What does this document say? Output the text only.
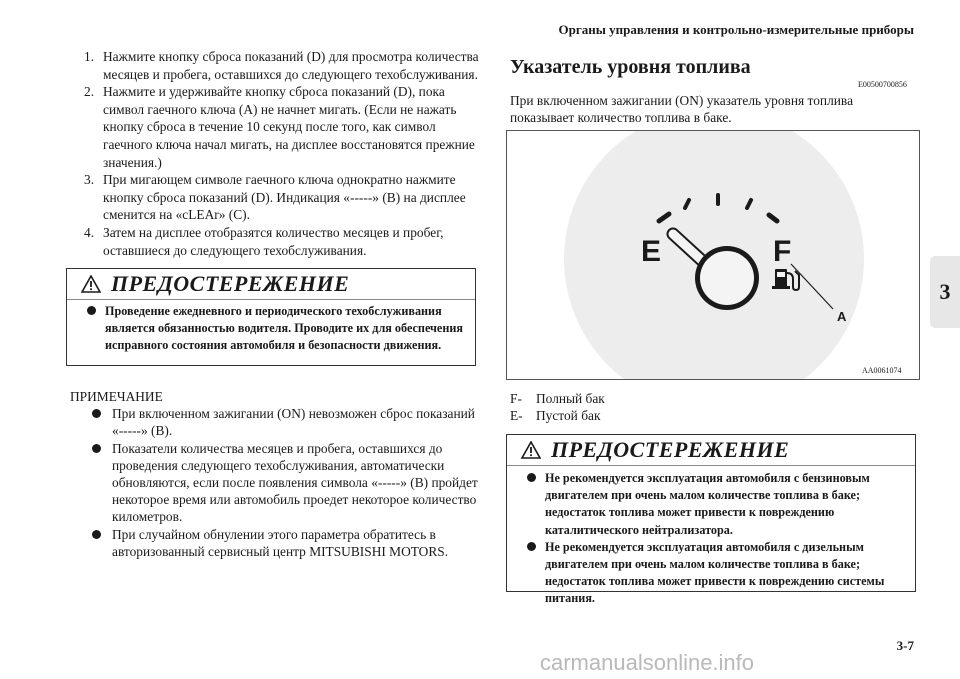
Органы управления и контрольно-измерительные приборы
3
1. Нажмите кнопку сброса показаний (D) для просмотра количества месяцев и пробега, оставшихся до следующего техобслуживания.
2. Нажмите и удерживайте кнопку сброса показаний (D), пока символ гаечного ключа (A) не начнет мигать. (Если не нажать кнопку сброса в течение 10 секунд после того, как символ гаечного ключа начал мигать, на дисплее восстановятся прежние значения.)
3. При мигающем символе гаечного ключа однократно нажмите кнопку сброса показаний (D). Индикация «-----» (B) на дисплее сменится на «cLEAr» (C).
4. Затем на дисплее отобразятся количество месяцев и пробег, оставшиеся до следующего техобслуживания.
ПРЕДОСТЕРЕЖЕНИЕ
Проведение ежедневного и периодического техобслуживания является обязанностью водителя. Проводите их для обеспечения исправного состояния автомобиля и безопасности движения.
ПРИМЕЧАНИЕ
При включенном зажигании (ON) невозможен сброс показаний «-----» (B).
Показатели количества месяцев и пробега, оставшихся до проведения следующего техобслуживания, автоматически обновляются, если после появления символа «-----» (B) пройдет некоторое время или автомобиль проедет некоторое количество километров.
При случайном обнулении этого параметра обратитесь в авторизованный сервисный центр MITSUBISHI MOTORS.
Указатель уровня топлива
E00500700856
При включенном зажигании (ON) указатель уровня топлива показывает количество топлива в баке.
E	F
A
AA0061074
F-	Полный бак
E- Пустой бак
ПРЕДОСТЕРЕЖЕНИЕ
Не рекомендуется эксплуатация автомобиля с бензиновым двигателем при очень малом количестве топлива в баке; недостаток топлива может привести к повреждению каталитического нейтрализатора.
Не рекомендуется эксплуатация автомобиля с дизельным двигателем при очень малом количестве топлива в баке; недостаток топлива может привести к повреждению системы питания.
3-7
carmanualsonline.info
